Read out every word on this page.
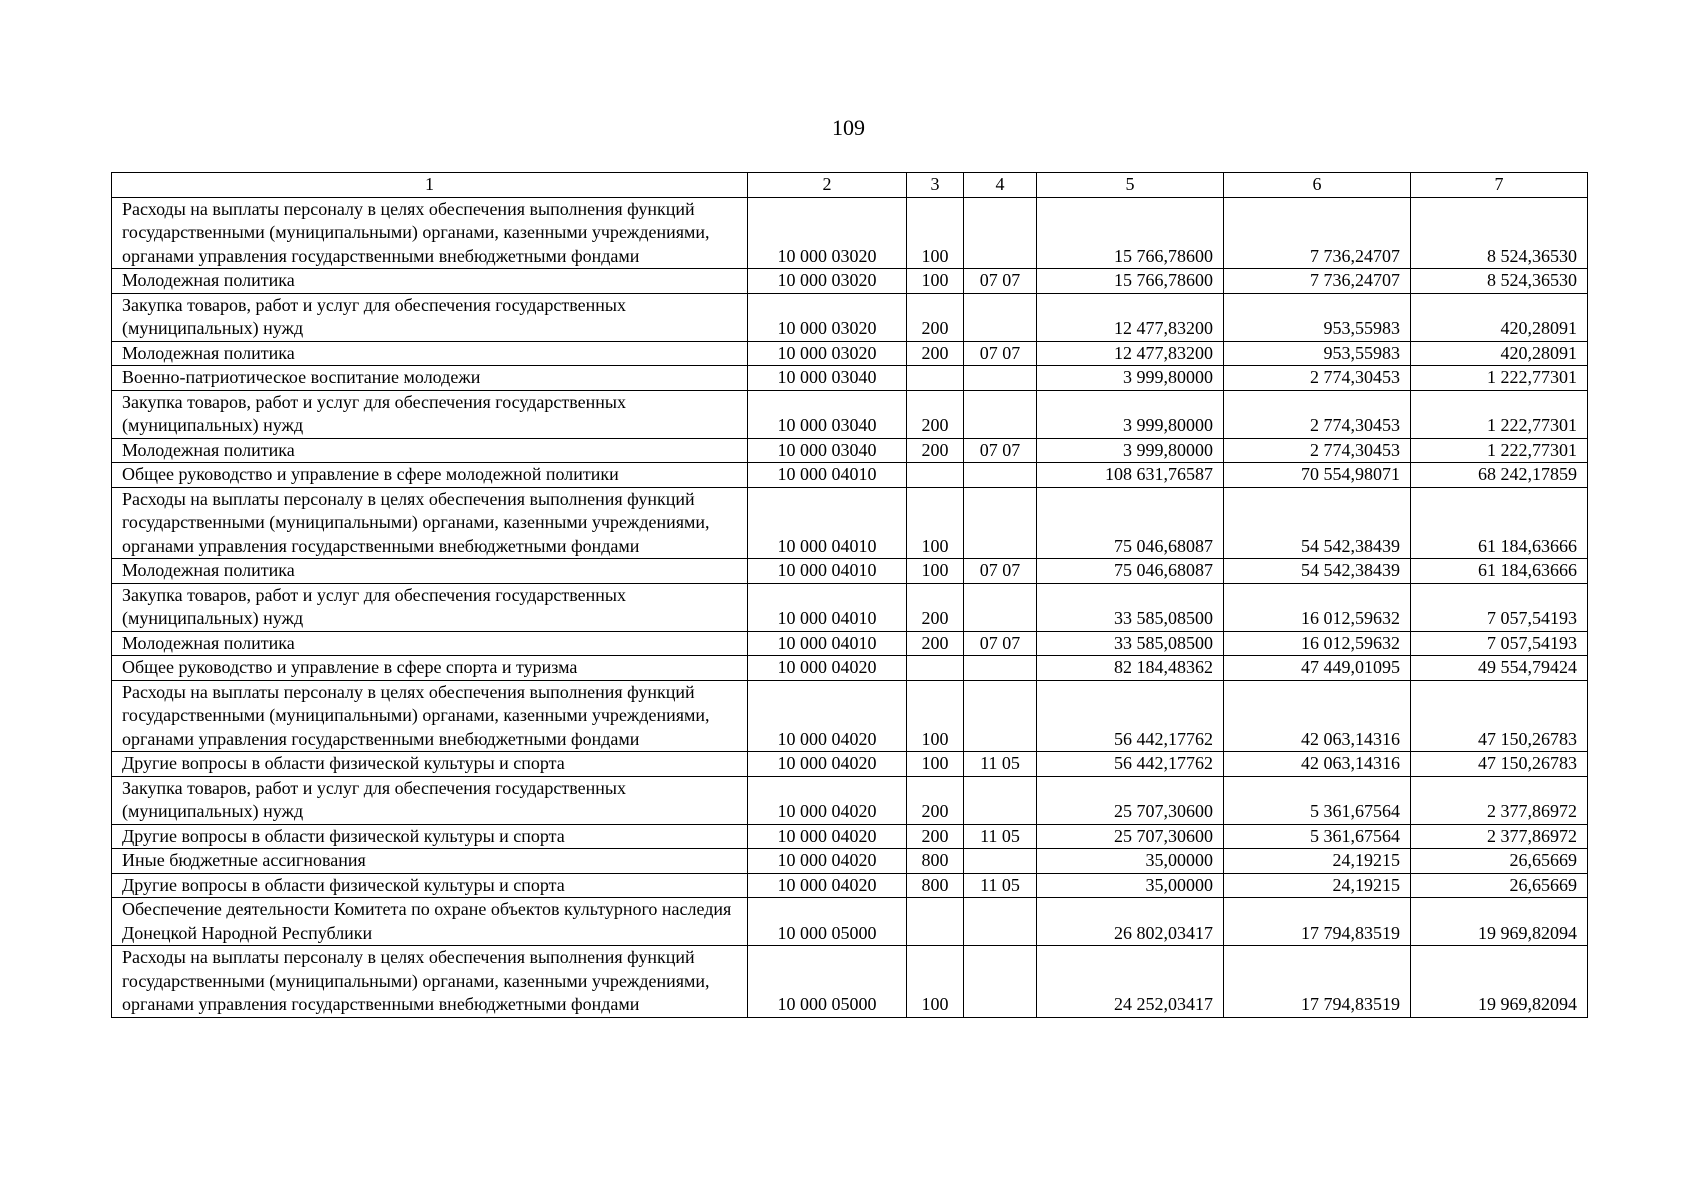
109
1	2	3	4	5	6	7
Расходы на выплаты персоналу в целях обеспечения выполнения функций государственными (муниципальными) органами, казенными учреждениями, органами управления государственными внебюджетными фондами	10 000 03020	100		15 766,78600	7 736,24707	8 524,36530
Молодежная политика	10 000 03020	100	07 07	15 766,78600	7 736,24707	8 524,36530
Закупка товаров, работ и услуг для обеспечения государственных (муниципальных) нужд	10 000 03020	200		12 477,83200	953,55983	420,28091
Молодежная политика	10 000 03020	200	07 07	12 477,83200	953,55983	420,28091
Военно-патриотическое воспитание молодежи	10 000 03040			3 999,80000	2 774,30453	1 222,77301
Закупка товаров, работ и услуг для обеспечения государственных (муниципальных) нужд	10 000 03040	200		3 999,80000	2 774,30453	1 222,77301
Молодежная политика	10 000 03040	200	07 07	3 999,80000	2 774,30453	1 222,77301
Общее руководство и управление в сфере молодежной политики	10 000 04010			108 631,76587	70 554,98071	68 242,17859
Расходы на выплаты персоналу в целях обеспечения выполнения функций государственными (муниципальными) органами, казенными учреждениями, органами управления государственными внебюджетными фондами	10 000 04010	100		75 046,68087	54 542,38439	61 184,63666
Молодежная политика	10 000 04010	100	07 07	75 046,68087	54 542,38439	61 184,63666
Закупка товаров, работ и услуг для обеспечения государственных (муниципальных) нужд	10 000 04010	200		33 585,08500	16 012,59632	7 057,54193
Молодежная политика	10 000 04010	200	07 07	33 585,08500	16 012,59632	7 057,54193
Общее руководство и управление в сфере спорта и туризма	10 000 04020			82 184,48362	47 449,01095	49 554,79424
Расходы на выплаты персоналу в целях обеспечения выполнения функций государственными (муниципальными) органами, казенными учреждениями, органами управления государственными внебюджетными фондами	10 000 04020	100		56 442,17762	42 063,14316	47 150,26783
Другие вопросы в области физической культуры и спорта	10 000 04020	100	11 05	56 442,17762	42 063,14316	47 150,26783
Закупка товаров, работ и услуг для обеспечения государственных (муниципальных) нужд	10 000 04020	200		25 707,30600	5 361,67564	2 377,86972
Другие вопросы в области физической культуры и спорта	10 000 04020	200	11 05	25 707,30600	5 361,67564	2 377,86972
Иные бюджетные ассигнования	10 000 04020	800		35,00000	24,19215	26,65669
Другие вопросы в области физической культуры и спорта	10 000 04020	800	11 05	35,00000	24,19215	26,65669
Обеспечение деятельности Комитета по охране объектов культурного наследия Донецкой Народной Республики	10 000 05000			26 802,03417	17 794,83519	19 969,82094
Расходы на выплаты персоналу в целях обеспечения выполнения функций государственными (муниципальными) органами, казенными учреждениями, органами управления государственными внебюджетными фондами	10 000 05000	100		24 252,03417	17 794,83519	19 969,82094
